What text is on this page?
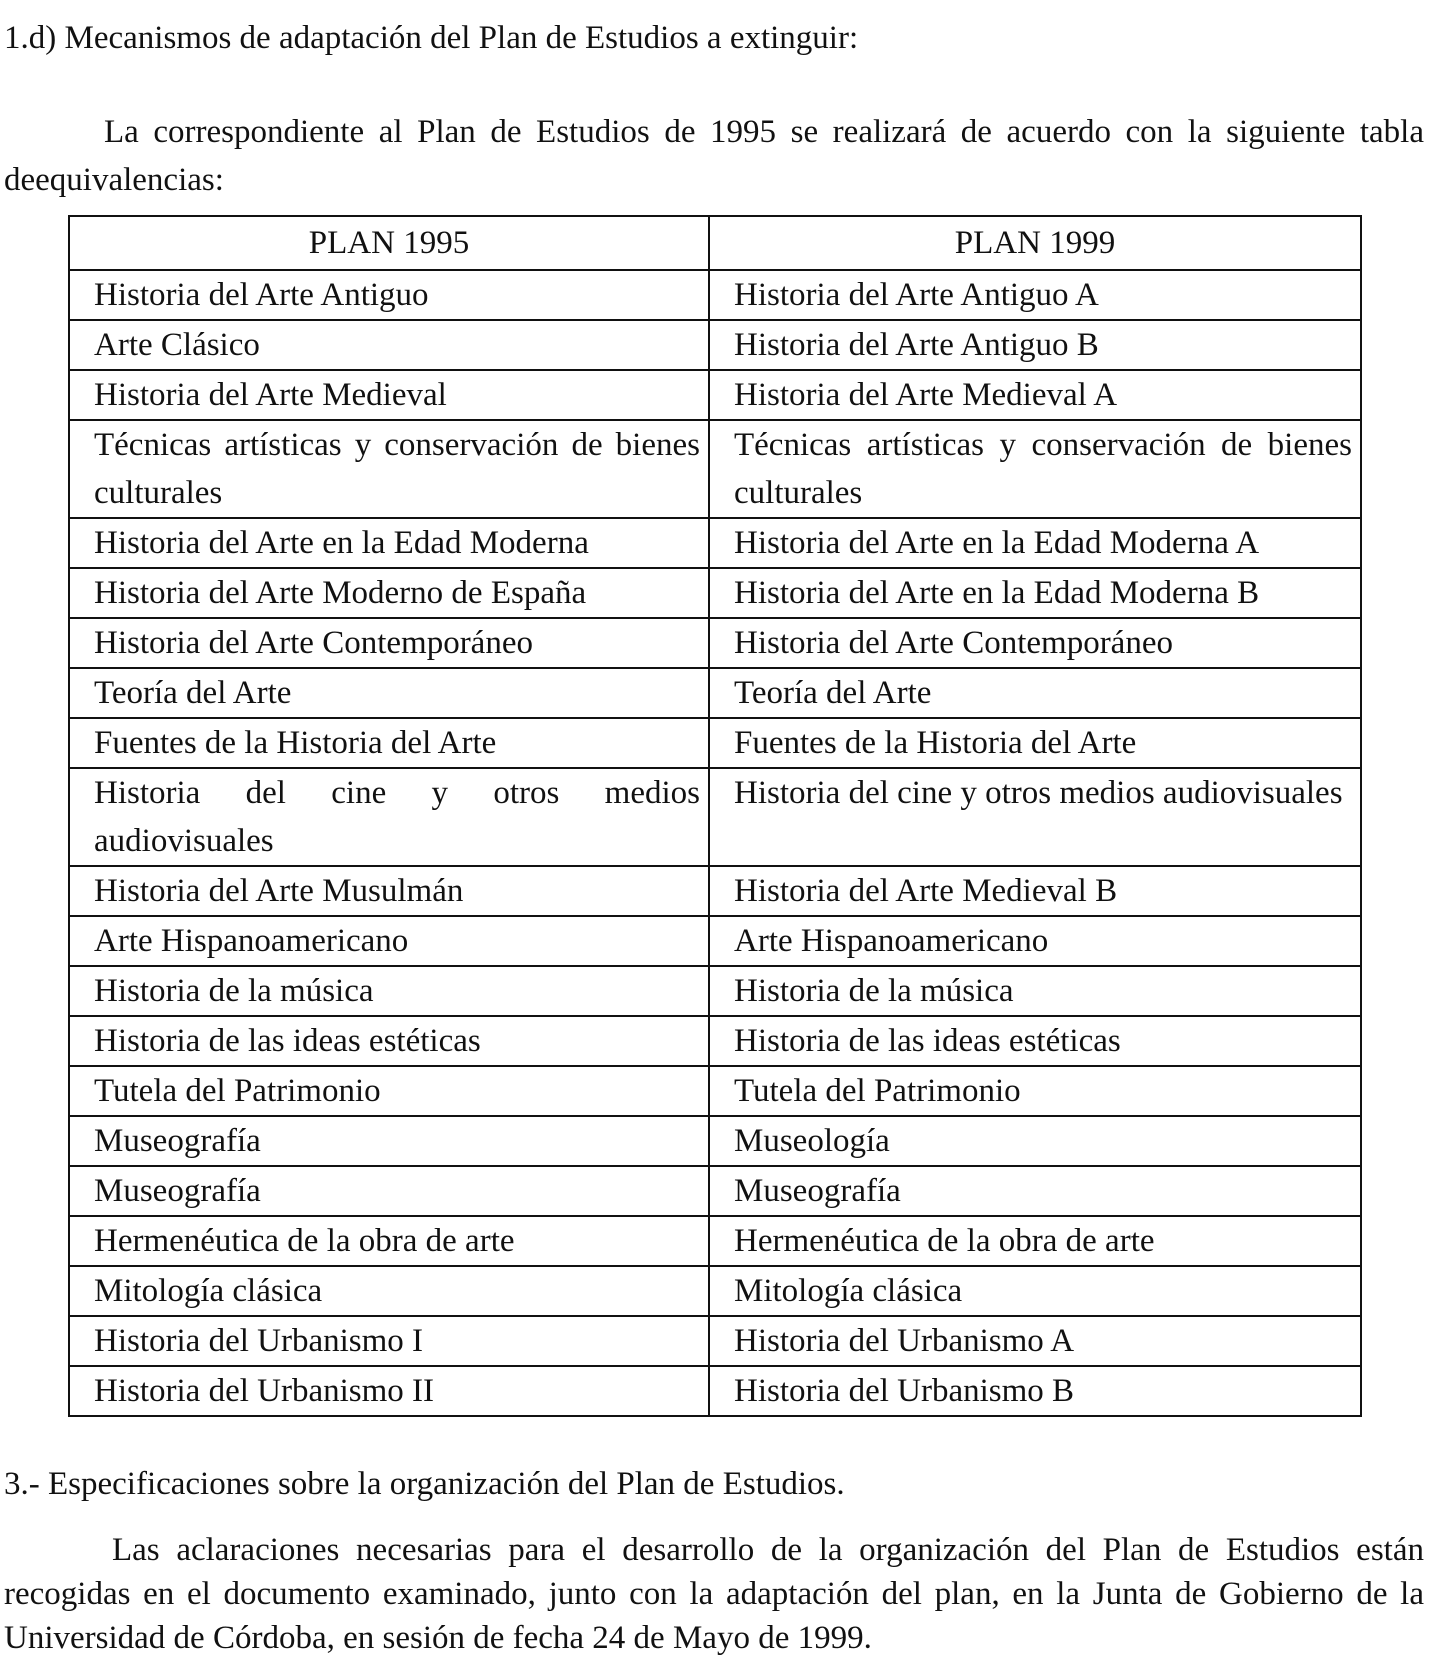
1.d) Mecanismos de adaptación del Plan de Estudios a extinguir:
La correspondiente al Plan de Estudios de 1995 se realizará de acuerdo con la siguiente tabla deequivalencias:
PLAN 1995	PLAN 1999
Historia del Arte Antiguo	Historia del Arte Antiguo A
Arte Clásico	Historia del Arte Antiguo B
Historia del Arte Medieval	Historia del Arte Medieval A
Técnicas artísticas y conservación de bienes culturales	Técnicas artísticas y conservación de bienes culturales
Historia del Arte en la Edad Moderna	Historia del Arte en la Edad Moderna A
Historia del Arte Moderno de España	Historia del Arte en la Edad Moderna B
Historia del Arte Contemporáneo	Historia del Arte Contemporáneo
Teoría del Arte	Teoría del Arte
Fuentes de la Historia del Arte	Fuentes de la Historia del Arte
Historia del cine y otros medios audiovisuales	Historia del cine y otros medios audiovisuales
Historia del Arte Musulmán	Historia del Arte Medieval B
Arte Hispanoamericano	Arte Hispanoamericano
Historia de la música	Historia de la música
Historia de las ideas estéticas	Historia de las ideas estéticas
Tutela del Patrimonio	Tutela del Patrimonio
Museografía	Museología
Museografía	Museografía
Hermenéutica de la obra de arte	Hermenéutica de la obra de arte
Mitología clásica	Mitología clásica
Historia del Urbanismo I	Historia del Urbanismo A
Historia del Urbanismo II	Historia del Urbanismo B
3.- Especificaciones sobre la organización del Plan de Estudios.
Las aclaraciones necesarias para el desarrollo de la organización del Plan de Estudios están recogidas en el documento examinado, junto con la adaptación del plan, en la Junta de Gobierno de la Universidad de Córdoba, en sesión de fecha 24 de Mayo de 1999.
